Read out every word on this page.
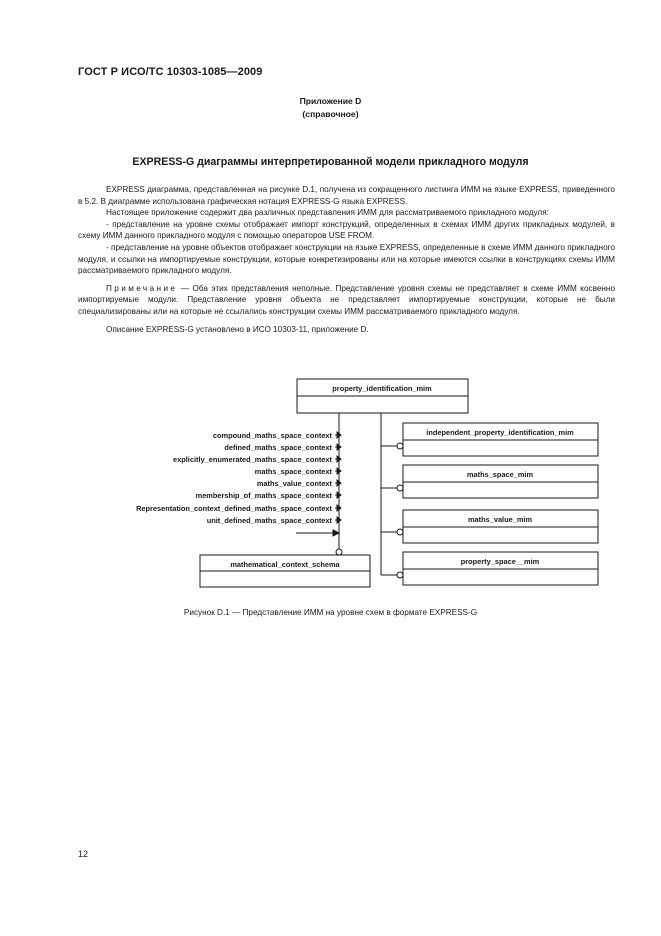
ГОСТ Р ИСО/ТС 10303-1085—2009
Приложение D
(справочное)
EXPRESS-G диаграммы интерпретированной модели прикладного модуля

EXPRESS диаграмма, представленная на рисунке D.1, получена из сокращенного листинга ИММ на языке EXPRESS, приведенного в 5.2. В диаграмме использована графическая нотация EXPRESS-G языка EXPRESS.

Настоящее приложение содержит два различных представления ИММ для рассматриваемого прикладного модуля:

- представление на уровне схемы отображает импорт конструкций, определенных в схемах ИММ других прикладных модулей, в схему ИММ данного прикладного модуля с помощью операторов USE FROM.

- представление на уровне объектов отображает конструкции на языке EXPRESS, определенные в схеме ИММ данного прикладного модуля, и ссылки на импортируемые конструкции, которые конкретизированы или на которые имеются ссылки в конструкциях схемы ИММ рассматриваемого прикладного модуля.

Примечание — Оба этих представления неполные. Представление уровня схемы не представляет в схеме ИММ косвенно импортируемые модули. Представление уровня объекта не представляет импортируемые конструкции, которые не были специализированы или на которые не ссылались конструкции схемы ИММ рассматриваемого прикладного модуля.

Описание EXPRESS-G установлено в ИСО 10303-11, приложение D.

property_identification_mim
mathematical_context_schema
independent_property_identification_mim
maths_space_mim
maths_value_mim
property_space__mim
compound_maths_space_context
defined_maths_space_context
explicitly_enumerated_maths_space_context
maths_space_context
maths_value_context
membership_of_maths_space_context
Representation_context_defined_maths_space_context
unit_defined_maths_space_context
Рисунок D.1 — Представление ИММ на уровне схем в формате EXPRESS-G
12
